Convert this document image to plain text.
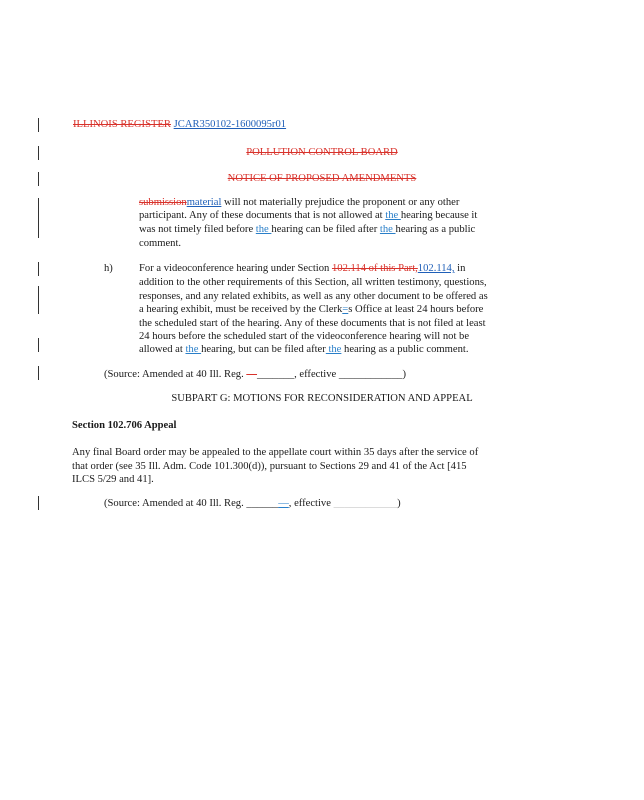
ILLINOIS REGISTER JCAR350102-1600095r01
POLLUTION CONTROL BOARD
NOTICE OF PROPOSED AMENDMENTS
submissionmaterial will not materially prejudice the proponent or any other
participant. Any of these documents that is not allowed at the hearing because it
was not timely filed before the hearing can be filed after the hearing as a public
comment.
h) For a videoconference hearing under Section 102.114 of this Part,102.114, in
addition to the other requirements of this Section, all written testimony, questions,
responses, and any related exhibits, as well as any other document to be offered as
a hearing exhibit, must be received by the Clerk=s Office at least 24 hours before
the scheduled start of the hearing. Any of these documents that is not filed at least
24 hours before the scheduled start of the videoconference hearing will not be
allowed at the hearing, but can be filed after the hearing as a public comment.
(Source: Amended at 40 Ill. Reg. —_______, effective ____________)
SUBPART G: MOTIONS FOR RECONSIDERATION AND APPEAL
Section 102.706 Appeal
Any final Board order may be appealed to the appellate court within 35 days after the service of
that order (see 35 Ill. Adm. Code 101.300(d)), pursuant to Sections 29 and 41 of the Act [415
ILCS 5/29 and 41].
(Source: Amended at 40 Ill. Reg. ______—, effective ____________)
